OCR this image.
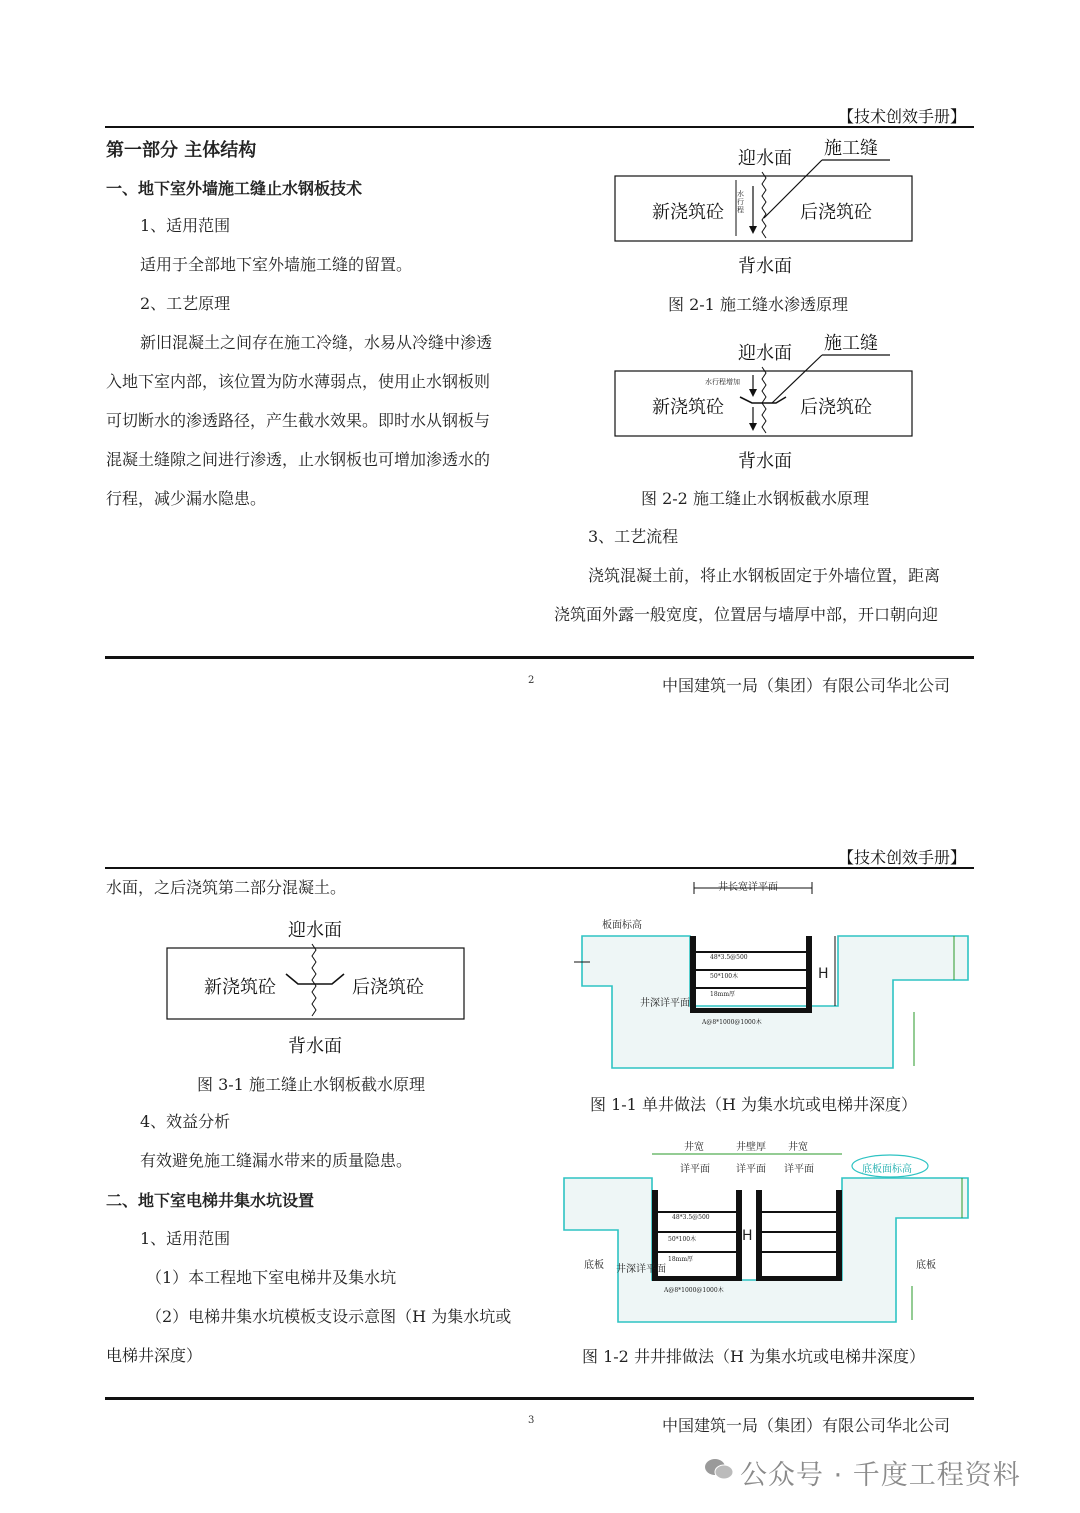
【技术创效手册】
第一部分 主体结构
一、地下室外墙施工缝止水钢板技术
1、适用范围
适用于全部地下室外墙施工缝的留置。
2、工艺原理
新旧混凝土之间存在施工冷缝，水易从冷缝中渗透
入地下室内部，该位置为防水薄弱点，使用止水钢板则
可切断水的渗透路径，产生截水效果。即时水从钢板与
混凝土缝隙之间进行渗透，止水钢板也可增加渗透水的
行程，减少漏水隐患。
迎水面 施工缝
水行程
新浇筑砼	后浇筑砼
背水面
图 2-1 施工缝水渗透原理
迎水面 施工缝
水行程增加
新浇筑砼	后浇筑砼
背水面
图 2-2 施工缝止水钢板截水原理
3、工艺流程
浇筑混凝土前，将止水钢板固定于外墙位置，距离
浇筑面外露一般宽度，位置居与墙厚中部，开口朝向迎
2	中国建筑一局（集团）有限公司华北公司
【技术创效手册】
水面，之后浇筑第二部分混凝土。
迎水面
新浇筑砼	后浇筑砼
背水面
图 3-1 施工缝止水钢板截水原理
4、效益分析
有效避免施工缝漏水带来的质量隐患。
二、地下室电梯井集水坑设置
1、适用范围
（1）本工程地下室电梯井及集水坑
（2）电梯井集水坑模板支设示意图（H 为集水坑或
电梯井深度）
井长宽详平面
板面标高
井深详平面
H
48*3.5@500
50*100木
18mm厚
A@8*1000@1000木
图 1-1 单井做法（H 为集水坑或电梯井深度）
井宽
详平面
井壁厚
详平面
井宽
详平面	底板面标高
底板	底板
井深详平面
H
48*3.5@500
50*100木
18mm厚
A@8*1000@1000木
图 1-2 井井排做法（H 为集水坑或电梯井深度）
3	中国建筑一局（集团）有限公司华北公司
公众号 · 千度工程资料
